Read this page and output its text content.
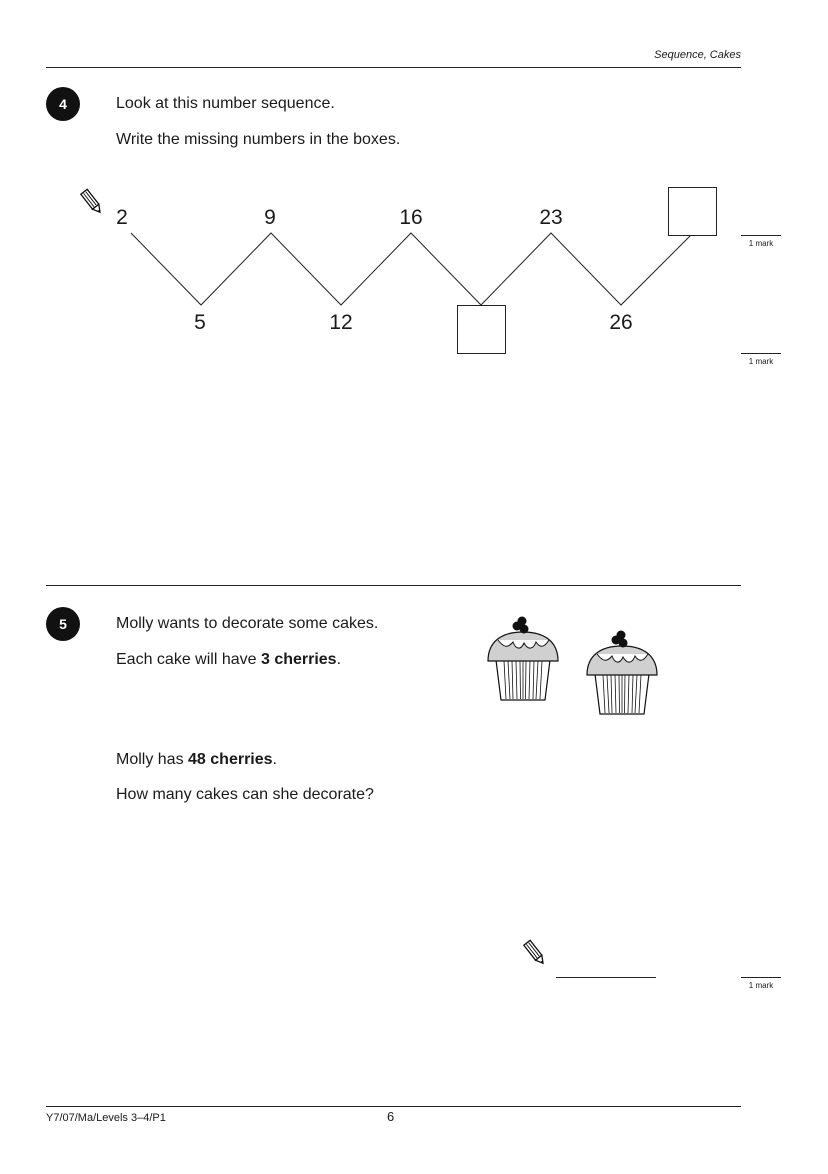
Sequence, Cakes
4	Look at this number sequence.
Write the missing numbers in the boxes.
2	9	16	23
5	12	26
1 mark
1 mark
5	Molly wants to decorate some cakes.
Each cake will have 3 cherries.
Molly has 48 cherries.
How many cakes can she decorate?
1 mark
Y7/07/Ma/Levels 3–4/P1	6
